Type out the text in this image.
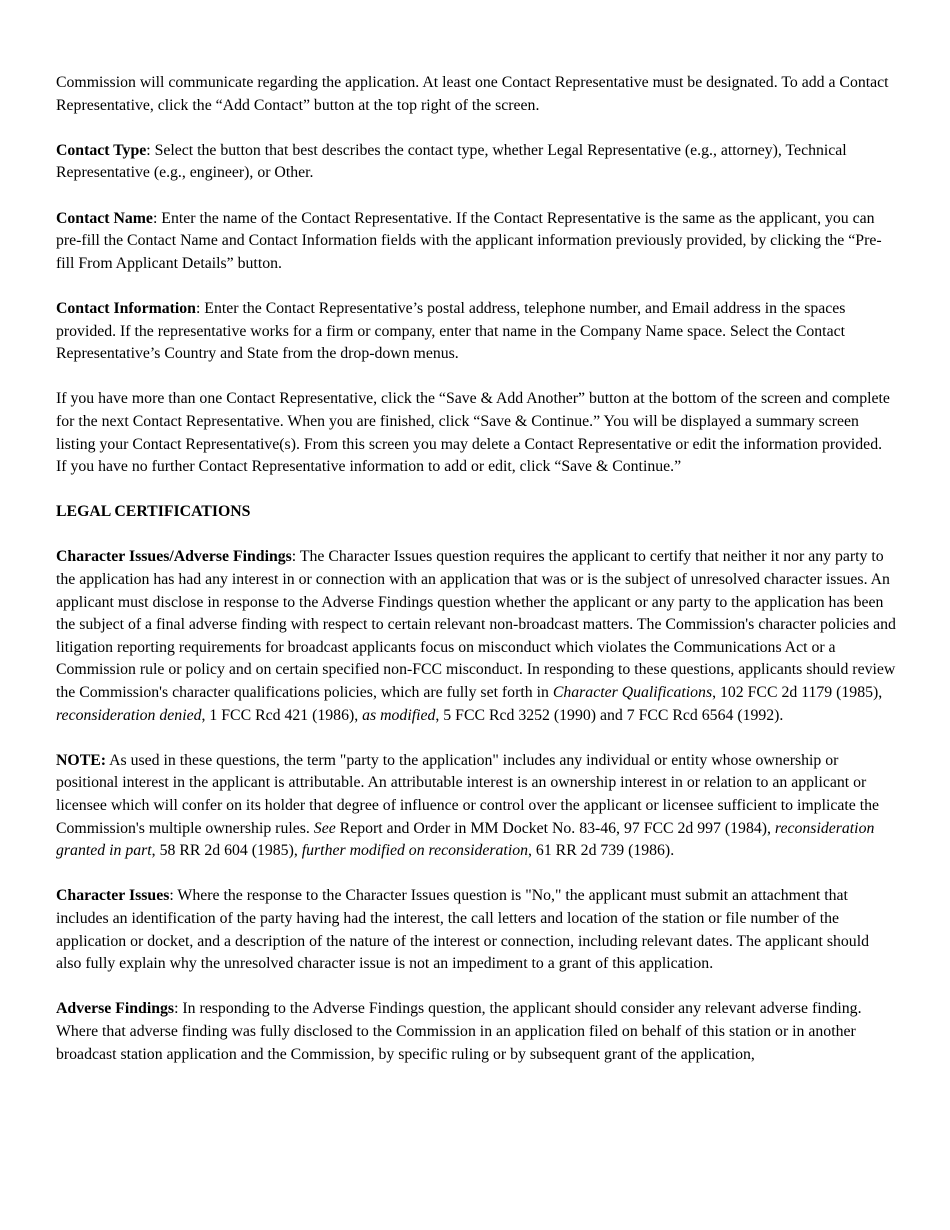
Commission will communicate regarding the application. At least one Contact Representative must be designated. To add a Contact Representative, click the “Add Contact” button at the top right of the screen.

Contact Type: Select the button that best describes the contact type, whether Legal Representative (e.g., attorney), Technical Representative (e.g., engineer), or Other.

Contact Name: Enter the name of the Contact Representative. If the Contact Representative is the same as the applicant, you can pre-fill the Contact Name and Contact Information fields with the applicant information previously provided, by clicking the “Pre-fill From Applicant Details” button.

Contact Information: Enter the Contact Representative’s postal address, telephone number, and Email address in the spaces provided. If the representative works for a firm or company, enter that name in the Company Name space. Select the Contact Representative’s Country and State from the drop-down menus.

If you have more than one Contact Representative, click the “Save & Add Another” button at the bottom of the screen and complete for the next Contact Representative. When you are finished, click “Save & Continue.” You will be displayed a summary screen listing your Contact Representative(s). From this screen you may delete a Contact Representative or edit the information provided. If you have no further Contact Representative information to add or edit, click “Save & Continue.”

LEGAL CERTIFICATIONS

Character Issues/Adverse Findings: The Character Issues question requires the applicant to certify that neither it nor any party to the application has had any interest in or connection with an application that was or is the subject of unresolved character issues. An applicant must disclose in response to the Adverse Findings question whether the applicant or any party to the application has been the subject of a final adverse finding with respect to certain relevant non-broadcast matters. The Commission's character policies and litigation reporting requirements for broadcast applicants focus on misconduct which violates the Communications Act or a Commission rule or policy and on certain specified non-FCC misconduct. In responding to these questions, applicants should review the Commission's character qualifications policies, which are fully set forth in Character Qualifications, 102 FCC 2d 1179 (1985), reconsideration denied, 1 FCC Rcd 421 (1986), as modified, 5 FCC Rcd 3252 (1990) and 7 FCC Rcd 6564 (1992).

NOTE: As used in these questions, the term "party to the application" includes any individual or entity whose ownership or positional interest in the applicant is attributable. An attributable interest is an ownership interest in or relation to an applicant or licensee which will confer on its holder that degree of influence or control over the applicant or licensee sufficient to implicate the Commission's multiple ownership rules. See Report and Order in MM Docket No. 83-46, 97 FCC 2d 997 (1984), reconsideration granted in part, 58 RR 2d 604 (1985), further modified on reconsideration, 61 RR 2d 739 (1986).

Character Issues: Where the response to the Character Issues question is "No," the applicant must submit an attachment that includes an identification of the party having had the interest, the call letters and location of the station or file number of the application or docket, and a description of the nature of the interest or connection, including relevant dates. The applicant should also fully explain why the unresolved character issue is not an impediment to a grant of this application.

Adverse Findings: In responding to the Adverse Findings question, the applicant should consider any relevant adverse finding. Where that adverse finding was fully disclosed to the Commission in an application filed on behalf of this station or in another broadcast station application and the Commission, by specific ruling or by subsequent grant of the application,
